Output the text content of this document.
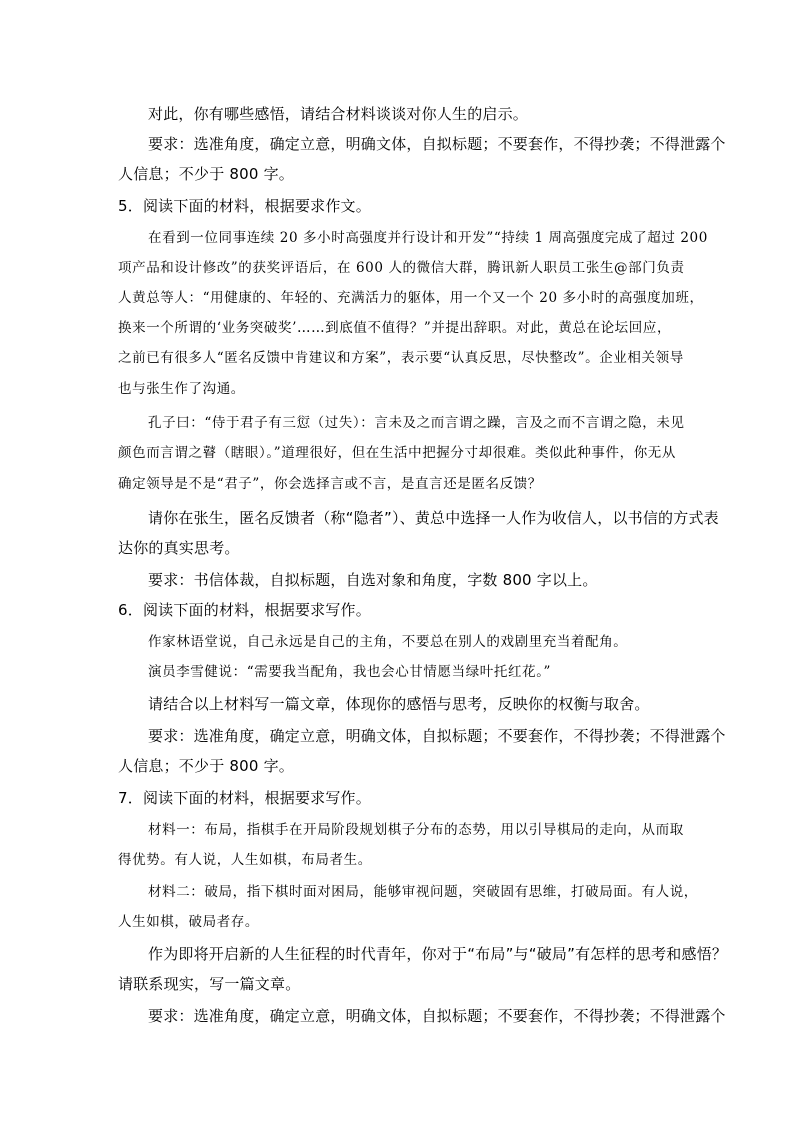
对此，你有哪些感悟，请结合材料谈谈对你人生的启示。
要求：选准角度，确定立意，明确文体，自拟标题；不要套作，不得抄袭；不得泄露个
人信息；不少于 800 字。
5．阅读下面的材料，根据要求作文。
在看到一位同事连续 20 多小时高强度并行设计和开发”“持续 1 周高强度完成了超过 200
项产品和设计修改”的获奖评语后，在 600 人的微信大群，腾讯新人职员工张生@部门负责
人黄总等人：“用健康的、年轻的、充满活力的躯体，用一个又一个 20 多小时的高强度加班，
换来一个所谓的‘业务突破奖’……到底值不值得？”并提出辞职。对此，黄总在论坛回应，
之前已有很多人“匿名反馈中肯建议和方案”，表示要“认真反思，尽快整改”。企业相关领导
也与张生作了沟通。
孔子曰：“侍于君子有三愆（过失）：言未及之而言谓之躁，言及之而不言谓之隐，未见
颜色而言谓之瞽（瞎眼）。”道理很好，但在生活中把握分寸却很难。类似此种事件，你无从
确定领导是不是“君子”，你会选择言或不言，是直言还是匿名反馈？
请你在张生，匿名反馈者（称“隐者”）、黄总中选择一人作为收信人，以书信的方式表
达你的真实思考。
要求：书信体裁，自拟标题，自选对象和角度，字数 800 字以上。
6．阅读下面的材料，根据要求写作。
作家林语堂说，自己永远是自己的主角，不要总在别人的戏剧里充当着配角。
演员李雪健说：“需要我当配角，我也会心甘情愿当绿叶托红花。”
请结合以上材料写一篇文章，体现你的感悟与思考，反映你的权衡与取舍。
要求：选准角度，确定立意，明确文体，自拟标题；不要套作，不得抄袭；不得泄露个
人信息；不少于 800 字。
7．阅读下面的材料，根据要求写作。
材料一：布局，指棋手在开局阶段规划棋子分布的态势，用以引导棋局的走向，从而取
得优势。有人说，人生如棋，布局者生。
材料二：破局，指下棋时面对困局，能够审视问题，突破固有思维，打破局面。有人说，
人生如棋，破局者存。
作为即将开启新的人生征程的时代青年，你对于“布局”与“破局”有怎样的思考和感悟？
请联系现实，写一篇文章。
要求：选准角度，确定立意，明确文体，自拟标题；不要套作，不得抄袭；不得泄露个
